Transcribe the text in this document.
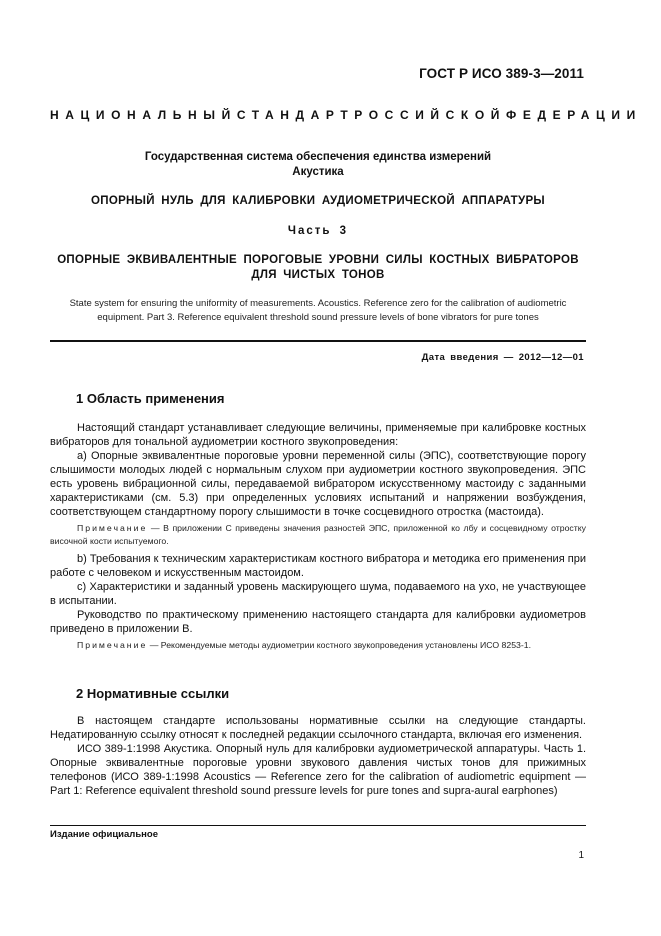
ГОСТ Р ИСО 389-3—2011
НАЦИОНАЛЬНЫЙ СТАНДАРТ РОССИЙСКОЙ ФЕДЕРАЦИИ
Государственная система обеспечения единства измерений
Акустика
ОПОРНЫЙ НУЛЬ ДЛЯ КАЛИБРОВКИ АУДИОМЕТРИЧЕСКОЙ АППАРАТУРЫ
Часть 3
ОПОРНЫЕ ЭКВИВАЛЕНТНЫЕ ПОРОГОВЫЕ УРОВНИ СИЛЫ КОСТНЫХ ВИБРАТОРОВ
ДЛЯ ЧИСТЫХ ТОНОВ
State system for ensuring the uniformity of measurements. Acoustics. Reference zero for the calibration of audiometric
equipment. Part 3. Reference equivalent threshold sound pressure levels of bone vibrators for pure tones
Дата введения — 2012—12—01
1 Область применения

Настоящий стандарт устанавливает следующие величины, применяемые при калибровке костных вибраторов для тональной аудиометрии костного звукопроведения:

а) Опорные эквивалентные пороговые уровни переменной силы (ЭПС), соответствующие порогу слышимости молодых людей с нормальным слухом при аудиометрии костного звукопроведения. ЭПС есть уровень вибрационной силы, передаваемой вибратором искусственному мастоиду с заданными характеристиками (см. 5.3) при определенных условиях испытаний и напряжении возбуждения, соответствующем стандартному порогу слышимости в точке сосцевидного отростка (мастоида).

Примечание — В приложении С приведены значения разностей ЭПС, приложенной ко лбу и сосцевидному отростку височной кости испытуемого.

b) Требования к техническим характеристикам костного вибратора и методика его применения при работе с человеком и искусственным мастоидом.

c) Характеристики и заданный уровень маскирующего шума, подаваемого на ухо, не участвующее в испытании.

Руководство по практическому применению настоящего стандарта для калибровки аудиометров приведено в приложении В.

Примечание — Рекомендуемые методы аудиометрии костного звукопроведения установлены ИСО 8253-1.

2 Нормативные ссылки

В настоящем стандарте использованы нормативные ссылки на следующие стандарты. Недатированную ссылку относят к последней редакции ссылочного стандарта, включая его изменения.

ИСО 389-1:1998 Акустика. Опорный нуль для калибровки аудиометрической аппаратуры. Часть 1. Опорные эквивалентные пороговые уровни звукового давления чистых тонов для прижимных телефонов (ИСО 389-1:1998 Acoustics — Reference zero for the calibration of audiometric equipment — Part 1: Reference equivalent threshold sound pressure levels for pure tones and supra-aural earphones)

Издание официальное
1
